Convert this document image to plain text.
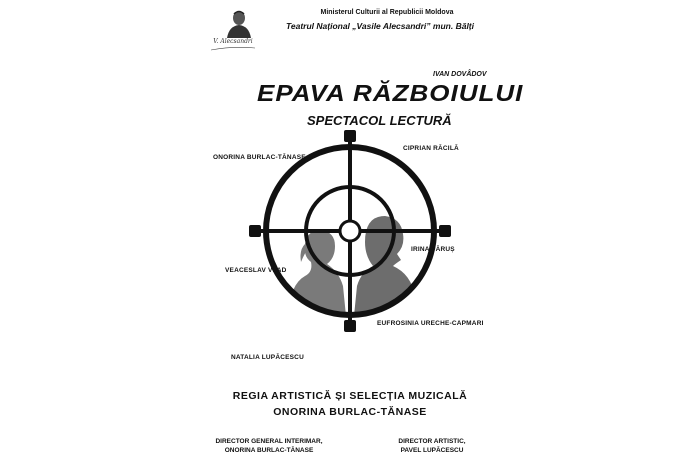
V. Alecsandri
Ministerul Culturii al Republicii Moldova
Teatrul Național „Vasile Alecsandri” mun. Bălți
IVAN DOVÂDOV
EPAVA RĂZBOIULUI
SPECTACOL LECTURĂ
ONORINA BURLAC-TĂNASE
CIPRIAN RĂCILĂ
IRINA ȚĂRUȘ
VEACESLAV VLAD
EUFROSINIA URECHE-CAPMARI
NATALIA LUPĂCESCU
REGIA ARTISTICĂ ȘI SELECȚIA MUZICALĂ
ONORINA BURLAC-TĂNASE
DIRECTOR GENERAL INTERIMAR,
ONORINA BURLAC-TĂNASE
DIRECTOR ARTISTIC,
PAVEL LUPĂCESCU
